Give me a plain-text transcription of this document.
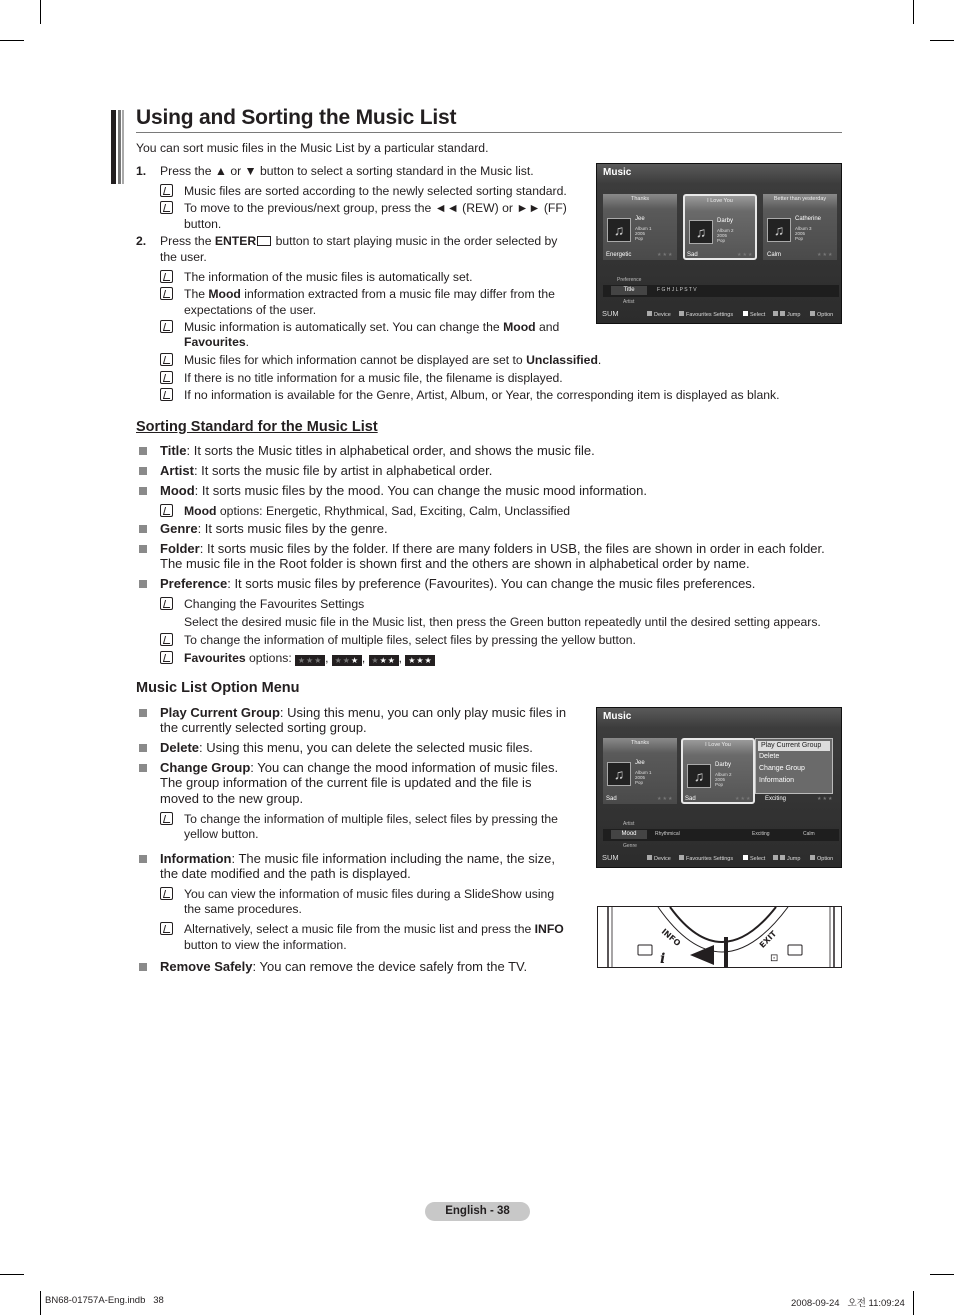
Using and Sorting the Music List
You can sort music files in the Music List by a particular standard.
1. Press the ▲ or ▼ button to select a sorting standard in the Music list.
Music files are sorted according to the newly selected sorting standard.
To move to the previous/next group, press the ◄◄ (REW) or ►► (FF)
button.
2. Press the ENTER button to start playing music in the order selected by
the user.
The information of the music files is automatically set.
The Mood information extracted from a music file may differ from the
expectations of the user.
Music information is automatically set. You can change the Mood and
Favourites.
Music files for which information cannot be displayed are set to Unclassified.
If there is no title information for a music file, the filename is displayed.
If no information is available for the Genre, Artist, Album, or Year, the corresponding item is displayed as blank.
Music
Thanks
♫
Jee
Album 1
2005
Pop
I Love You
♫
Darby
Album 2
2005
Pop
Better than yesterday
♫
Catherine
Album 3
2005
Pop
Energetic	★★★ Sad	★★★ Calm	★★★
Preference
Title	F G H J L P S T V
Artist
SUM	Device	Favourites Settings	Select	Jump	Option
Sorting Standard for the Music List
Title: It sorts the Music titles in alphabetical order, and shows the music file.
Artist: It sorts the music file by artist in alphabetical order.
Mood: It sorts music files by the mood. You can change the music mood information.
Mood options: Energetic, Rhythmical, Sad, Exciting, Calm, Unclassified
Genre: It sorts music files by the genre.
Folder: It sorts music files by the folder. If there are many folders in USB, the files are shown in order in each folder.
The music file in the Root folder is shown first and the others are shown in alphabetical order by name.
Preference: It sorts music files by preference (Favourites). You can change the music files preferences.
Changing the Favourites Settings
Select the desired music file in the Music list, then press the Green button repeatedly until the desired setting appears.
To change the information of multiple files, select files by pressing the yellow button.
Favourites options: ★★★ , ★★★ , ★★★ , ★★★
Music List Option Menu
Play Current Group: Using this menu, you can only play music files in
the currently selected sorting group.
Delete: Using this menu, you can delete the selected music files.
Change Group: You can change the mood information of music files.
The group information of the current file is updated and the file is
moved to the new group.
To change the information of multiple files, select files by pressing the
yellow button.
Information: The music file information including the name, the size,
the date modified and the path is displayed.
You can view the information of music files during a SlideShow using
the same procedures.
Alternatively, select a music file from the music list and press the INFO
button to view the information.
Remove Safely: You can remove the device safely from the TV.
Music
Thanks
♫
Jee
Album 1
2005
Pop
I Love You
♫
Darby
Album 2
2005
Pop
Play Current Group
Delete
Change Group
Information
Sad	★★★ Sad	★★★ Exciting	★★★
Artist
Mood	Rhythmical	Exciting	Calm
Genre
SUM	Device	Favourites Settings	Select	Jump	Option
i	⊡
INFO	EXIT
English - 38
BN68-01757A-Eng.indb   38	2008-09-24   오전 11:09:24
